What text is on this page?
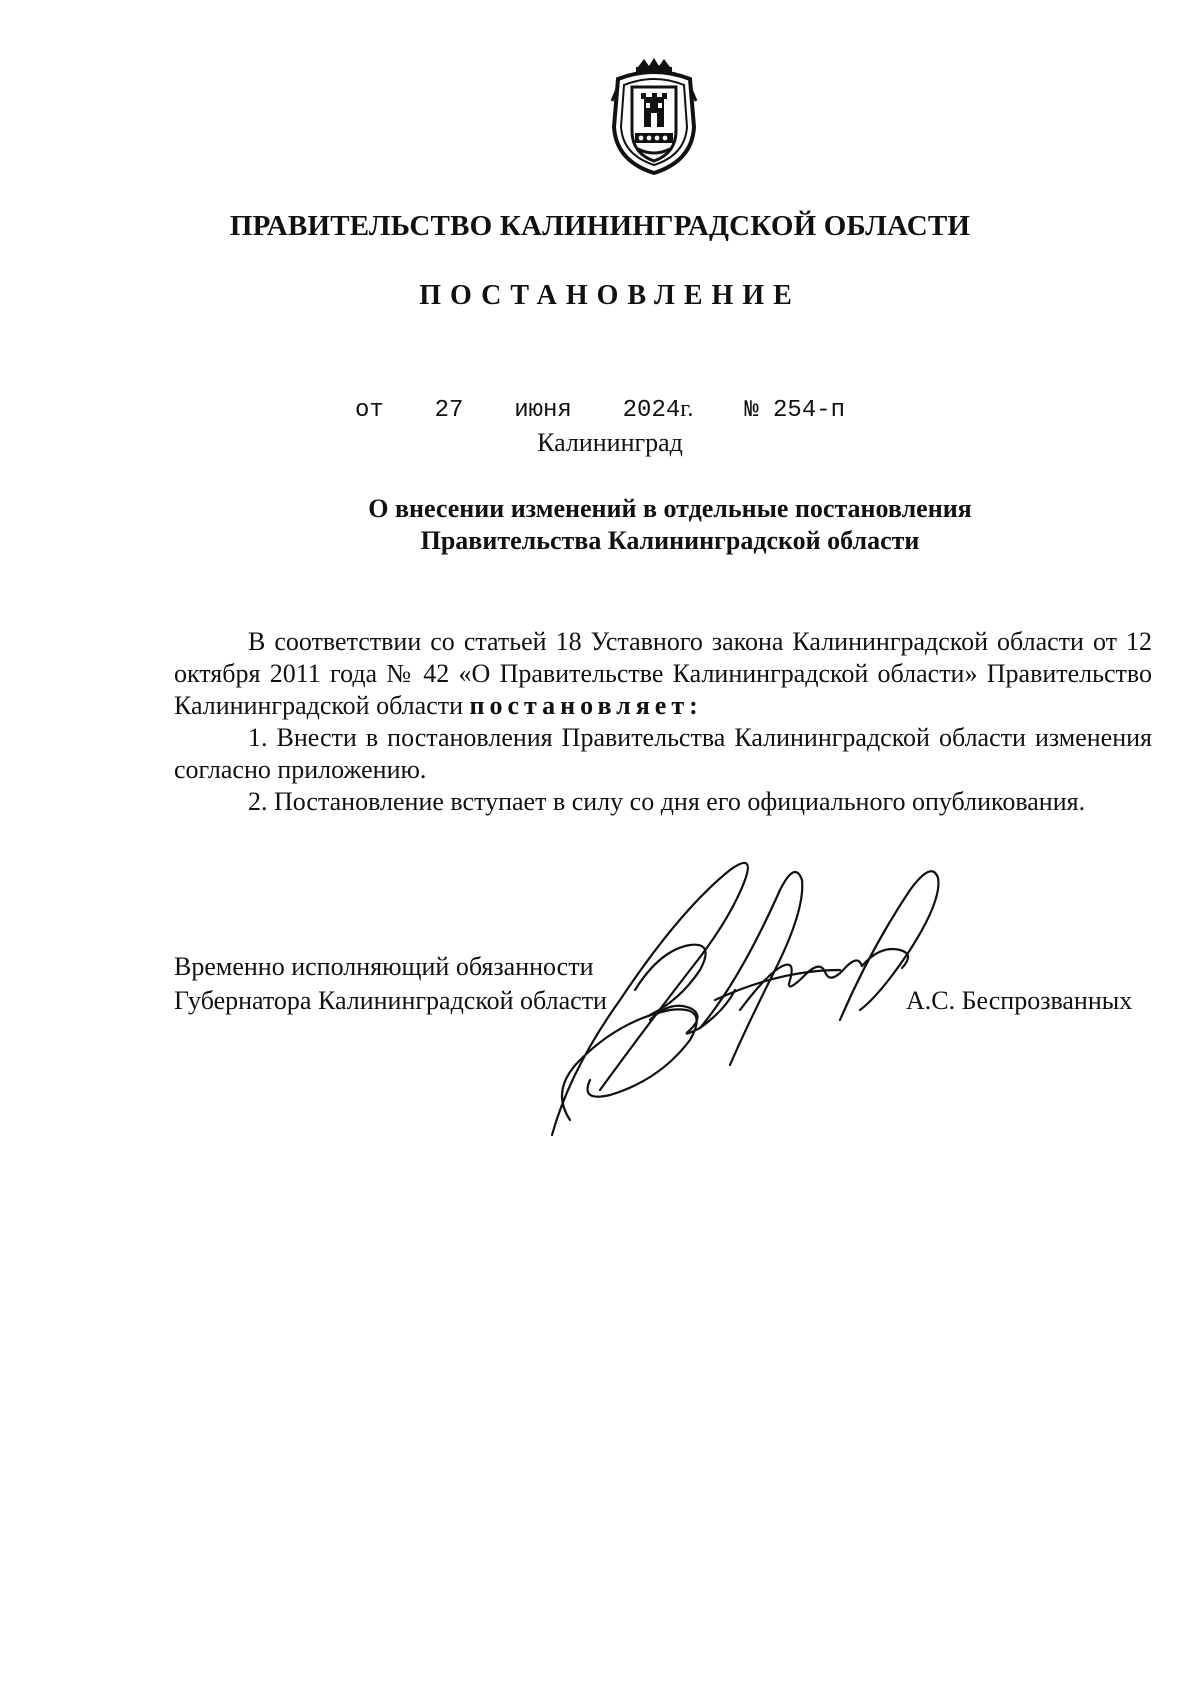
ПРАВИТЕЛЬСТВО КАЛИНИНГРАДСКОЙ ОБЛАСТИ
ПОСТАНОВЛЕНИЕ
от 27 июня 2024г. № 254-п
Калининград
О внесении изменений в отдельные постановления
Правительства Калининградской области

В соответствии со статьей 18 Уставного закона Калининградской области от 12 октября 2011 года № 42 «О Правительстве Калининградской области» Правительство Калининградской области постановляет:

1. Внести в постановления Правительства Калининградской области изменения согласно приложению.

2. Постановление вступает в силу со дня его официального опубликования.

Временно исполняющий обязанности
Губернатора Калининградской области	А.С. Беспрозванных
